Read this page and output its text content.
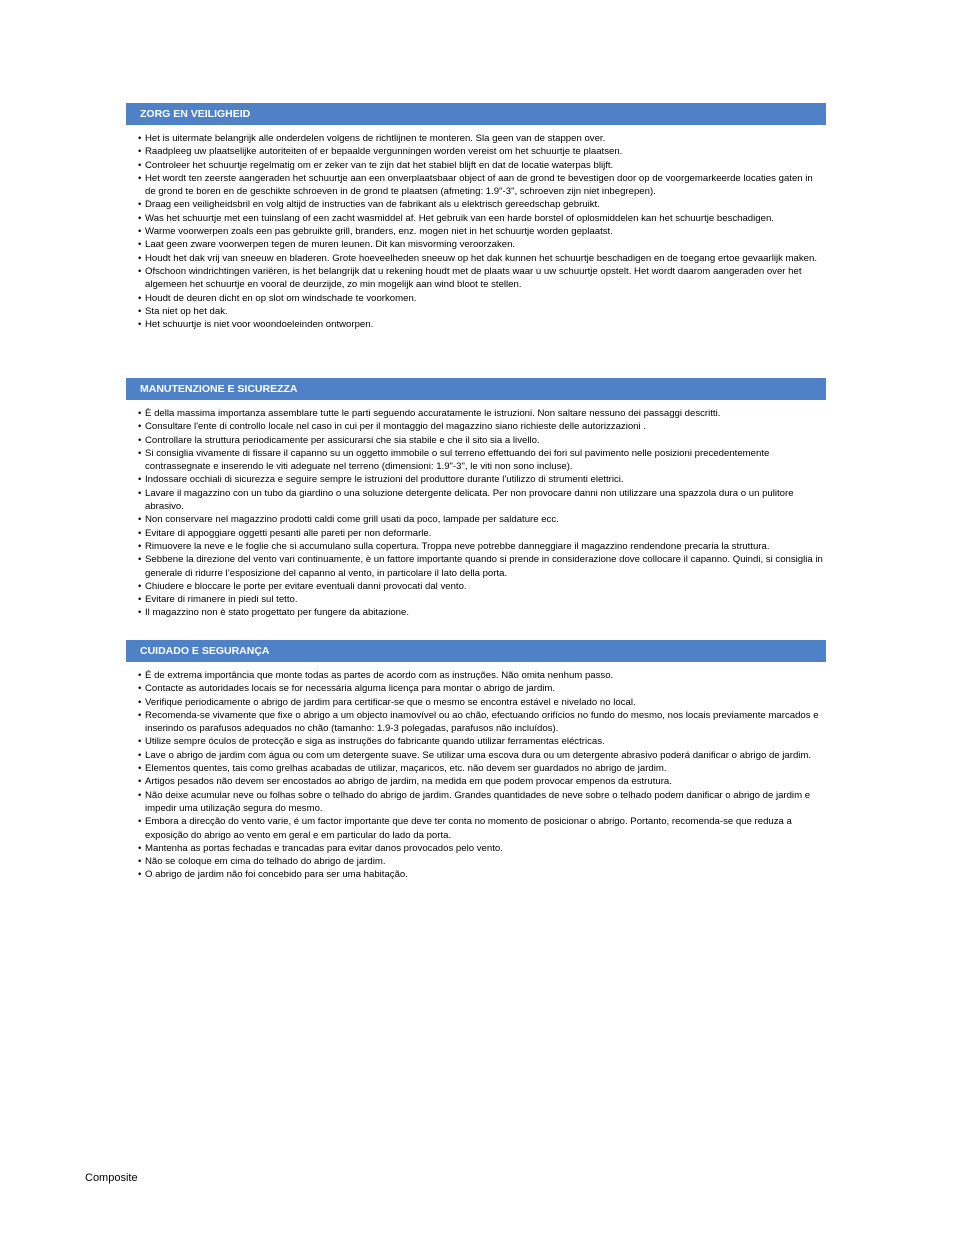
ZORG EN VEILIGHEID
• Het is uitermate belangrijk alle onderdelen volgens de richtlijnen te monteren. Sla geen van de stappen over.
• Raadpleeg uw plaatselijke autoriteiten of er bepaalde vergunningen worden vereist om het schuurtje te plaatsen.
• Controleer het schuurtje regelmatig om er zeker van te zijn dat het stabiel blijft en dat de locatie waterpas blijft.
• Het wordt ten zeerste aangeraden het schuurtje aan een onverplaatsbaar object of aan de grond te bevestigen door op de voorgemarkeerde locaties gaten in de grond te boren en de geschikte schroeven in de grond te plaatsen (afmeting: 1.9"-3", schroeven zijn niet inbegrepen).
• Draag een veiligheidsbril en volg altijd de instructies van de fabrikant als u elektrisch gereedschap gebruikt.
• Was het schuurtje met een tuinslang of een zacht wasmiddel af. Het gebruik van een harde borstel of oplosmiddelen kan het schuurtje beschadigen.
• Warme voorwerpen zoals een pas gebruikte grill, branders, enz. mogen niet in het schuurtje worden geplaatst.
• Laat geen zware voorwerpen tegen de muren leunen. Dit kan misvorming veroorzaken.
• Houdt het dak vrij van sneeuw en bladeren. Grote hoeveelheden sneeuw op het dak kunnen het schuurtje beschadigen en de toegang ertoe gevaarlijk maken.
• Ofschoon windrichtingen variëren, is het belangrijk dat u rekening houdt met de plaats waar u uw schuurtje opstelt. Het wordt daarom aangeraden over het algemeen het schuurtje en vooral de deurzijde, zo min mogelijk aan wind bloot te stellen.
• Houdt de deuren dicht en op slot om windschade te voorkomen.
• Sta niet op het dak.
• Het schuurtje is niet voor woondoeleinden ontworpen.
MANUTENZIONE E SICUREZZA
• È della massima importanza assemblare tutte le parti seguendo accuratamente le istruzioni. Non saltare nessuno dei passaggi descritti.
• Consultare l'ente di controllo locale nel caso in cui per il montaggio del magazzino siano richieste delle autorizzazioni .
• Controllare la struttura periodicamente per assicurarsi che sia stabile e che il sito sia a livello.
• Si consiglia vivamente di fissare il capanno su un oggetto immobile o sul terreno effettuando dei fori sul pavimento nelle posizioni precedentemente contrassegnate e inserendo le viti adeguate nel terreno (dimensioni: 1.9"-3", le viti non sono incluse).
• Indossare occhiali di sicurezza e seguire sempre le istruzioni del produttore durante l'utilizzo di strumenti elettrici.
• Lavare il magazzino con un tubo da giardino o una soluzione detergente delicata. Per non provocare danni non utilizzare una spazzola dura o un pulitore abrasivo.
• Non conservare nel magazzino prodotti caldi come grill usati da poco, lampade per saldature ecc.
• Evitare di appoggiare oggetti pesanti alle pareti per non deformarle.
• Rimuovere la neve e le foglie che si accumulano sulla copertura. Troppa neve potrebbe danneggiare il magazzino rendendone precaria la struttura.
• Sebbene la direzione del vento vari continuamente, è un fattore importante quando si prende in considerazione dove collocare il capanno. Quindi, si consiglia in generale di ridurre l’esposizione del capanno al vento, in particolare il lato della porta.
• Chiudere e bloccare le porte per evitare eventuali danni provocati dal vento.
• Evitare di rimanere in piedi sul tetto.
• Il magazzino non è stato progettato per fungere da abitazione.
CUIDADO E SEGURANÇA
• É de extrema importância que monte todas as partes de acordo com as instruções. Não omita nenhum passo.
• Contacte as autoridades locais se for necessária alguma licença para montar o abrigo de jardim.
• Verifique periodicamente o abrigo de jardim para certificar-se que o mesmo se encontra estável e nivelado no local.
• Recomenda-se vivamente que fixe o abrigo a um objecto inamovível ou ao chão, efectuando orifícios no fundo do mesmo, nos locais previamente marcados e inserindo os parafusos adequados no chão (tamanho: 1.9-3 polegadas, parafusos não incluídos).
• Utilize sempre óculos de protecção e siga as instruções do fabricante quando utilizar ferramentas eléctricas.
• Lave o abrigo de jardim com água ou com um detergente suave. Se utilizar uma escova dura ou um detergente abrasivo poderá danificar o abrigo de jardim.
• Elementos quentes, tais como grelhas acabadas de utilizar, maçaricos, etc. não devem ser guardados no abrigo de jardim.
• Artigos pesados não devem ser encostados ao abrigo de jardim, na medida em que podem provocar empenos da estrutura.
• Não deixe acumular neve ou folhas sobre o telhado do abrigo de jardim. Grandes quantidades de neve sobre o telhado podem danificar o abrigo de jardim e impedir uma utilização segura do mesmo.
• Embora a direcção do vento varie, é um factor importante que deve ter conta no momento de posicionar o abrigo. Portanto, recomenda-se que reduza a exposição do abrigo ao vento em geral e em particular do lado da porta.
• Mantenha as portas fechadas e trancadas para evitar danos provocados pelo vento.
• Não se coloque em cima do telhado do abrigo de jardim.
• O abrigo de jardim não foi concebido para ser uma habitação.
Composite
